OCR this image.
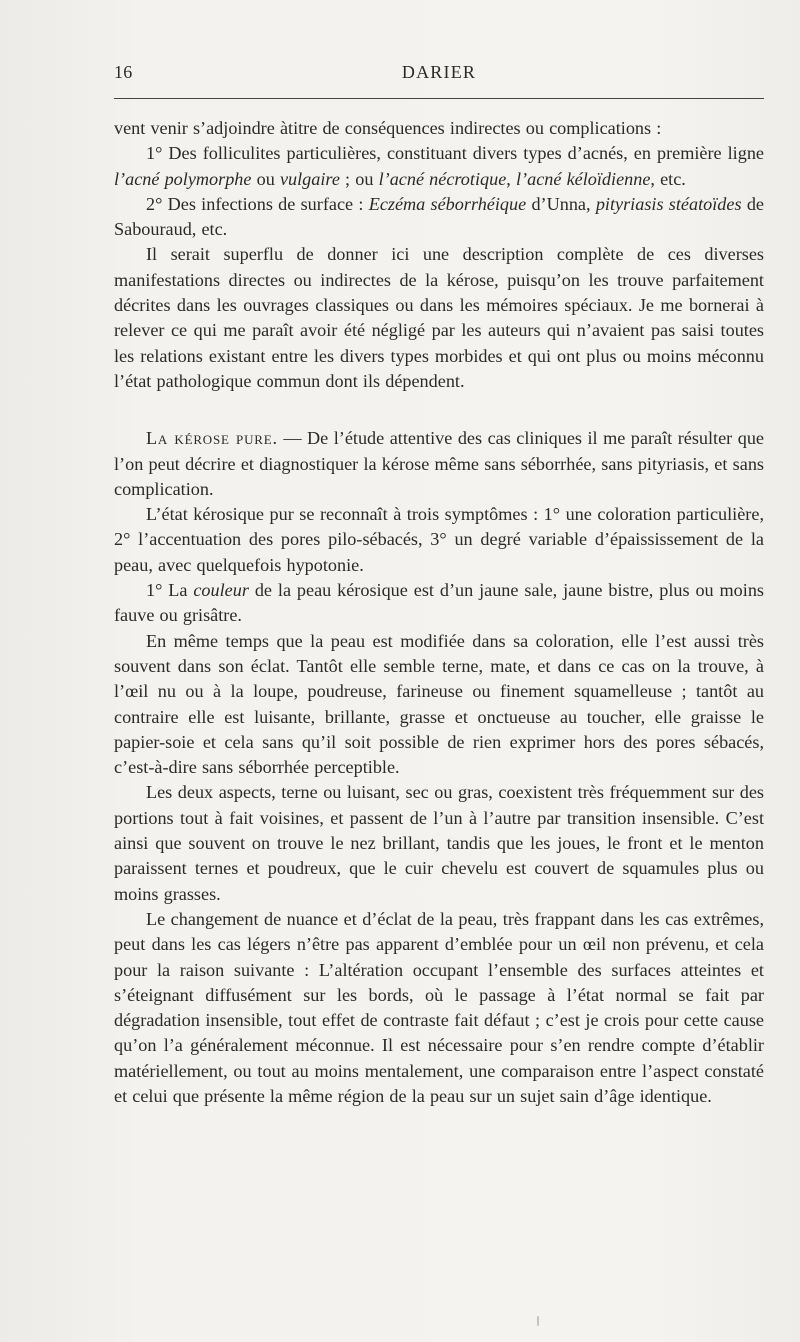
16	DARIER

vent venir s’adjoindre àtitre de conséquences indirectes ou complications :

1° Des folliculites particulières, constituant divers types d’acnés, en première ligne l’acné polymorphe ou vulgaire ; ou l’acné nécrotique, l’acné kéloïdienne, etc.

2° Des infections de surface : Eczéma séborrhéique d’Unna, pityriasis stéatoïdes de Sabouraud, etc.

Il serait superflu de donner ici une description complète de ces diverses manifestations directes ou indirectes de la kérose, puisqu’on les trouve parfaitement décrites dans les ouvrages classiques ou dans les mémoires spéciaux. Je me bornerai à relever ce qui me paraît avoir été négligé par les auteurs qui n’avaient pas saisi toutes les relations existant entre les divers types morbides et qui ont plus ou moins méconnu l’état pathologique commun dont ils dépendent.

La kérose pure. — De l’étude attentive des cas cliniques il me paraît résulter que l’on peut décrire et diagnostiquer la kérose même sans séborrhée, sans pityriasis, et sans complication.

L’état kérosique pur se reconnaît à trois symptômes : 1° une coloration particulière, 2° l’accentuation des pores pilo-sébacés, 3° un degré variable d’épaississement de la peau, avec quelquefois hypotonie.

1° La couleur de la peau kérosique est d’un jaune sale, jaune bistre, plus ou moins fauve ou grisâtre.

En même temps que la peau est modifiée dans sa coloration, elle l’est aussi très souvent dans son éclat. Tantôt elle semble terne, mate, et dans ce cas on la trouve, à l’œil nu ou à la loupe, poudreuse, farineuse ou finement squamelleuse ; tantôt au contraire elle est luisante, brillante, grasse et onctueuse au toucher, elle graisse le papier-soie et cela sans qu’il soit possible de rien exprimer hors des pores sébacés, c’est-à-dire sans séborrhée perceptible.

Les deux aspects, terne ou luisant, sec ou gras, coexistent très fréquemment sur des portions tout à fait voisines, et passent de l’un à l’autre par transition insensible. C’est ainsi que souvent on trouve le nez brillant, tandis que les joues, le front et le menton paraissent ternes et poudreux, que le cuir chevelu est couvert de squamules plus ou moins grasses.

Le changement de nuance et d’éclat de la peau, très frappant dans les cas extrêmes, peut dans les cas légers n’être pas apparent d’emblée pour un œil non prévenu, et cela pour la raison suivante : L’altération occupant l’ensemble des surfaces atteintes et s’éteignant diffusément sur les bords, où le passage à l’état normal se fait par dégradation insensible, tout effet de contraste fait défaut ; c’est je crois pour cette cause qu’on l’a généralement méconnue. Il est nécessaire pour s’en rendre compte d’établir matériellement, ou tout au moins mentalement, une comparaison entre l’aspect constaté et celui que présente la même région de la peau sur un sujet sain d’âge identique.
